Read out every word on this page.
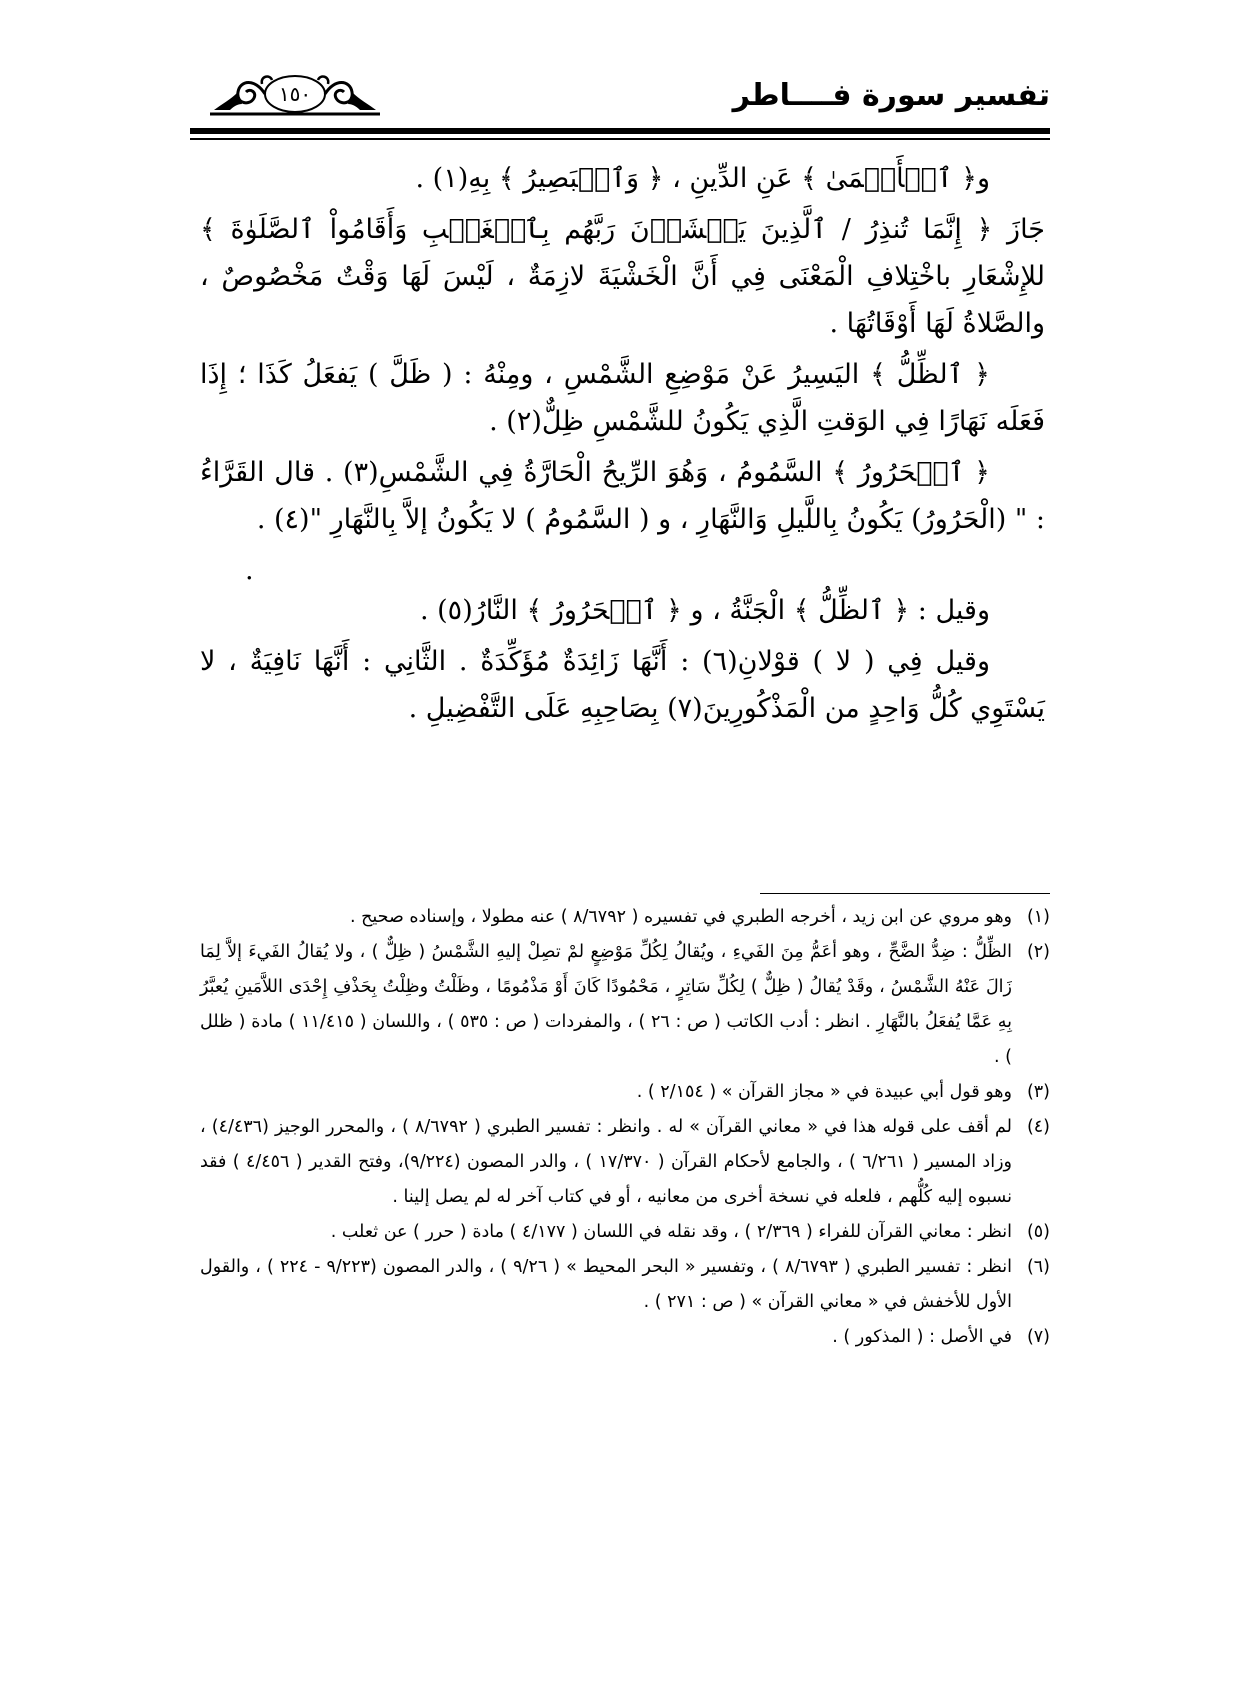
تفسير سورة فــــاطر
١٥٠

و﴿ ٱلۡأَعۡمَىٰ ﴾ عَنِ الدِّينِ ، ﴿ وَٱلۡبَصِيرُ ﴾ بِهِ(١) .

جَازَ ﴿ إِنَّمَا تُنذِرُ / ٱلَّذِينَ يَخۡشَوۡنَ رَبَّهُم بِٱلۡغَيۡبِ وَأَقَامُواْ ٱلصَّلَوٰةَ ﴾ للإِشْعَارِ باخْتِلافِ الْمَعْنَى فِي أَنَّ الْخَشْيَةَ لازِمَةٌ ، لَيْسَ لَهَا وَقْتٌ مَخْصُوصٌ ، والصَّلاةُ لَهَا أَوْقَاتُهَا .

﴿ ٱلظِّلُّ ﴾ اليَسِيرُ عَنْ مَوْضِعِ الشَّمْسِ ، ومِنْهُ : ( ظَلَّ ) يَفعَلُ كَذَا ؛ إِذَا فَعَلَه نَهَارًا فِي الوَقتِ الَّذِي يَكُونُ للشَّمْسِ ظِلٌّ(٢) .

﴿ ٱلۡحَرُورُ ﴾ السَّمُومُ ، وَهُوَ الرِّيحُ الْحَارَّةُ فِي الشَّمْسِ(٣) . قال القَرَّاءُ : " (الْحَرُورُ) يَكُونُ بِاللَّيلِ وَالنَّهَارِ ، و ( السَّمُومُ ) لا يَكُونُ إلاَّ بِالنَّهَارِ "(٤) .

.

وقيل : ﴿ ٱلظِّلُّ ﴾ الْجَنَّةُ ، و ﴿ ٱلۡحَرُورُ ﴾ النَّارُ(٥) .

وقيل فِي ( لا ) قوْلانِ(٦) : أَنَّهَا زَائِدَةٌ مُؤَكِّدَةٌ . الثَّانِي : أَنَّهَا نَافِيَةٌ ، لا يَسْتَوِي كُلُّ وَاحِدٍ من الْمَذْكُورِينَ(٧) بِصَاحِبِهِ عَلَى التَّفْضِيلِ .

(١)
وهو مروي عن ابن زيد ، أخرجه الطبري في تفسيره ( ٨/٦٧٩٢ ) عنه مطولا ، وإسناده صحيح .
(٢)
الظِّلُّ : ضِدُّ الضَّحِّ ، وهو أعَمُّ مِنَ الفَيءِ ، ويُقالُ لِكُلِّ مَوْضِعٍ لمْ تصِلْ إليهِ الشَّمْسُ ( ظِلٌّ ) ، ولا يُقالُ الفَيءَ إلاَّ لِمَا زَالَ عَنْهُ الشَّمْسُ ، وقَدْ يُقالُ ( ظِلٌّ ) لِكُلِّ سَاتِرٍ ، مَحْمُودًا كَانَ أَوْ مَذْمُومًا ، وظَلْتُ وظِلْتُ بِحَذْفِ إِحْدَى اللاَّمَينِ يُعبَّرُ بِهِ عَمَّا يُفعَلُ بالنَّهَارِ . انظر : أدب الكاتب ( ص : ٢٦ ) ، والمفردات ( ص : ٥٣٥ ) ، واللسان ( ١١/٤١٥ ) مادة ( ظلل ) .
(٣)
وهو قول أبي عبيدة في « مجاز القرآن » ( ٢/١٥٤ ) .
(٤)
لم أقف على قوله هذا في « معاني القرآن » له . وانظر : تفسير الطبري ( ٨/٦٧٩٢ ) ، والمحرر الوجيز (٤/٤٣٦) ، وزاد المسير ( ٦/٢٦١ ) ، والجامع لأحكام القرآن ( ١٧/٣٧٠ ) ، والدر المصون (٩/٢٢٤)، وفتح القدير ( ٤/٤٥٦ ) فقد نسبوه إليه كُلُّهم ، فلعله في نسخة أخرى من معانيه ، أو في كتاب آخر له لم يصل إلينا .
(٥)
انظر : معاني القرآن للفراء ( ٢/٣٦٩ ) ، وقد نقله في اللسان ( ٤/١٧٧ ) مادة ( حرر ) عن ثعلب .
(٦)
انظر : تفسير الطبري ( ٨/٦٧٩٣ ) ، وتفسير « البحر المحيط » ( ٩/٢٦ ) ، والدر المصون (٩/٢٢٣ - ٢٢٤ ) ، والقول الأول للأخفش في « معاني القرآن » ( ص : ٢٧١ ) .
(٧)
في الأصل : ( المذكور ) .
